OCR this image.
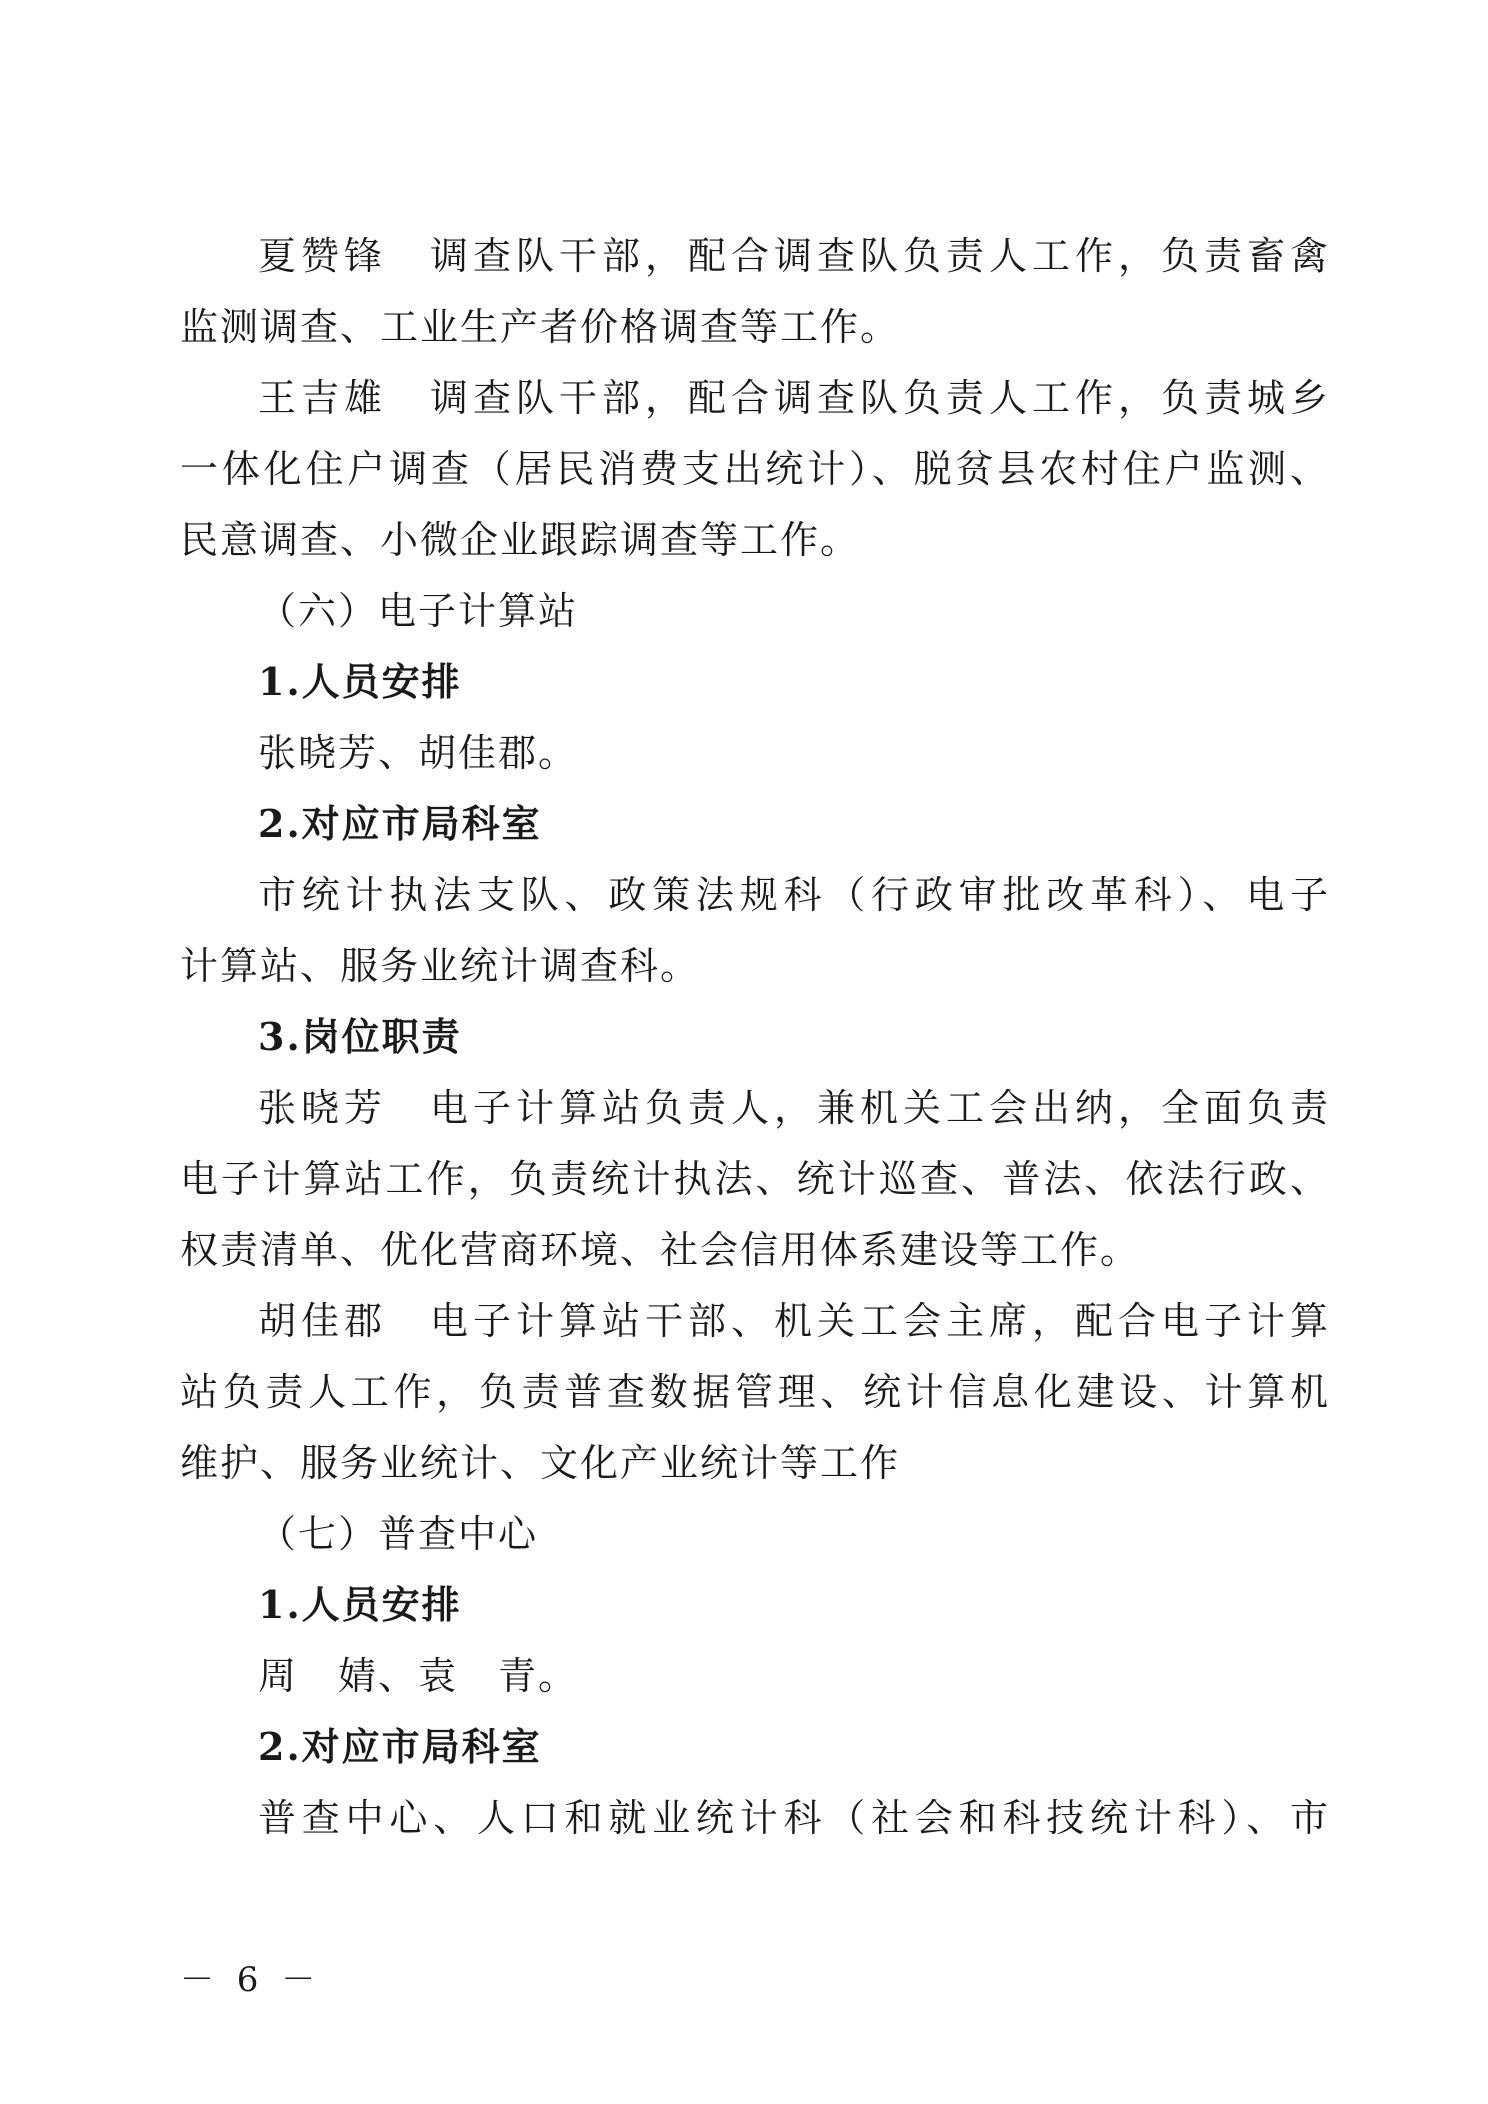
夏赞锋　调查队干部，配合调查队负责人工作，负责畜禽
监测调查、工业生产者价格调查等工作。
王吉雄　调查队干部，配合调查队负责人工作，负责城乡
一体化住户调查（居民消费支出统计）、脱贫县农村住户监测、
民意调查、小微企业跟踪调查等工作。
（六）电子计算站
1.人员安排
张晓芳、胡佳郡。
2.对应市局科室
市统计执法支队、政策法规科（行政审批改革科）、电子
计算站、服务业统计调查科。
3.岗位职责
张晓芳　电子计算站负责人，兼机关工会出纳，全面负责
电子计算站工作，负责统计执法、统计巡查、普法、依法行政、
权责清单、优化营商环境、社会信用体系建设等工作。
胡佳郡　电子计算站干部、机关工会主席，配合电子计算
站负责人工作，负责普查数据管理、统计信息化建设、计算机
维护、服务业统计、文化产业统计等工作
（七）普查中心
1.人员安排
周　婧、袁　青。
2.对应市局科室
普查中心、人口和就业统计科（社会和科技统计科）、市
－ 6 －
